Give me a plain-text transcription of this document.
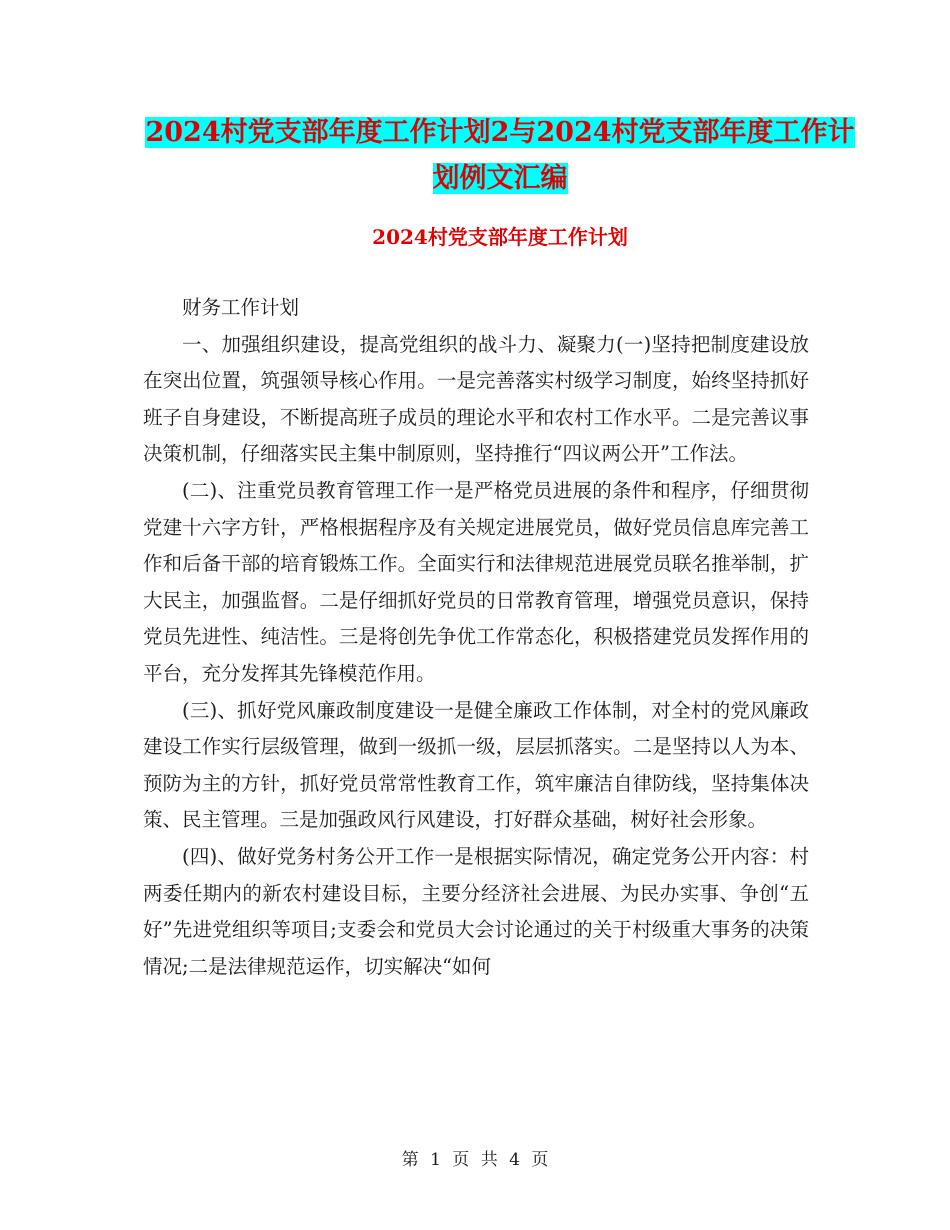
2024村党支部年度工作计划2与2024村党支部年度工作计划例文汇编
2024村党支部年度工作计划

财务工作计划

一、加强组织建设，提高党组织的战斗力、凝聚力(一)坚持把制度建设放在突出位置，筑强领导核心作用。一是完善落实村级学习制度，始终坚持抓好班子自身建设，不断提高班子成员的理论水平和农村工作水平。二是完善议事决策机制，仔细落实民主集中制原则，坚持推行“四议两公开”工作法。

(二)、注重党员教育管理工作一是严格党员进展的条件和程序，仔细贯彻党建十六字方针，严格根据程序及有关规定进展党员，做好党员信息库完善工作和后备干部的培育锻炼工作。全面实行和法律规范进展党员联名推举制，扩大民主，加强监督。二是仔细抓好党员的日常教育管理，增强党员意识，保持党员先进性、纯洁性。三是将创先争优工作常态化，积极搭建党员发挥作用的平台，充分发挥其先锋模范作用。

(三)、抓好党风廉政制度建设一是健全廉政工作体制，对全村的党风廉政建设工作实行层级管理，做到一级抓一级，层层抓落实。二是坚持以人为本、预防为主的方针，抓好党员常常性教育工作，筑牢廉洁自律防线，坚持集体决策、民主管理。三是加强政风行风建设，打好群众基础，树好社会形象。

(四)、做好党务村务公开工作一是根据实际情况，确定党务公开内容：村两委任期内的新农村建设目标，主要分经济社会进展、为民办实事、争创“五好”先进党组织等项目;支委会和党员大会讨论通过的关于村级重大事务的决策情况;二是法律规范运作，切实解决“如何

第 1 页 共 4 页
